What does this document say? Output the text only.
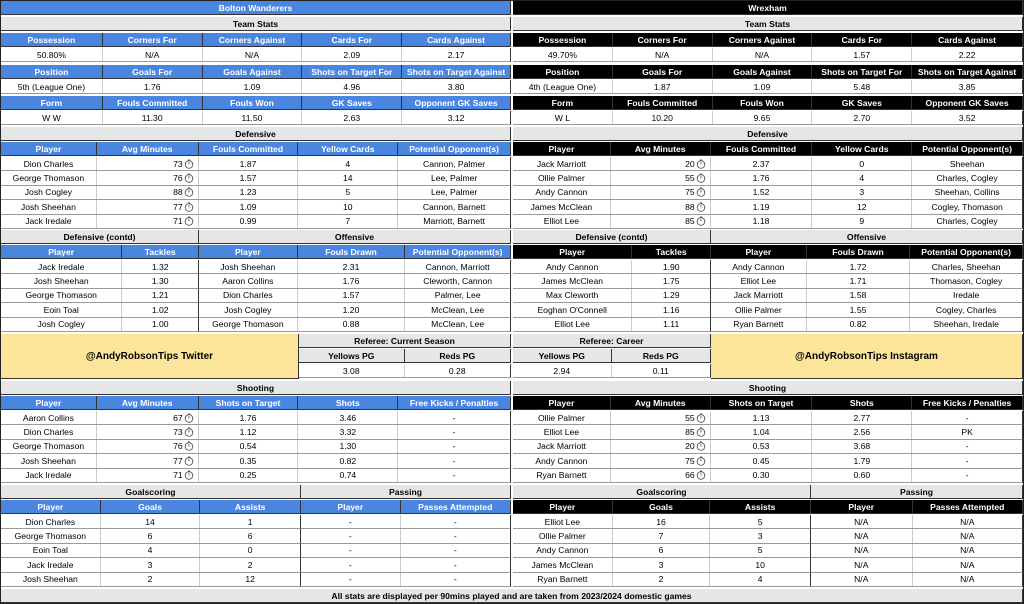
Bolton Wanderers	Wrexham
Team Stats	Team Stats
Possession	Corners For	Corners Against	Cards For	Cards Against
50.80%	N/A	N/A	2.09	2.17
Position	Goals For	Goals Against	Shots on Target For	Shots on Target Against
5th (League One)	1.76	1.09	4.96	3.80
Form	Fouls Committed	Fouls Won	GK Saves	Opponent GK Saves
W W	11.30	11.50	2.63	3.12
Possession	Corners For	Corners Against	Cards For	Cards Against
49.70%	N/A	N/A	1.57	2.22
Position	Goals For	Goals Against	Shots on Target For	Shots on Target Against
4th (League One)	1.87	1.09	5.48	3.85
Form	Fouls Committed	Fouls Won	GK Saves	Opponent GK Saves
W L	10.20	9.65	2.70	3.52
Defensive	Defensive
Player	Avg Minutes	Fouls Committed	Yellow Cards	Potential Opponent(s)	Player	Avg Minutes	Fouls Committed	Yellow Cards	Potential Opponent(s)
Dion Charles	73	1.87	4	Cannon, Palmer	Jack Marriott	20	2.37	0	Sheehan
George Thomason	76	1.57	14	Lee, Palmer	Ollie Palmer	55	1.76	4	Charles, Cogley
Josh Cogley	88	1.23	5	Lee, Palmer	Andy Cannon	75	1.52	3	Sheehan, Collins
Josh Sheehan	77	1.09	10	Cannon, Barnett	James McClean	88	1.19	12	Cogley, Thomason
Jack Iredale	71	0.99	7	Marriott, Barnett	Elliot Lee	85	1.18	9	Charles, Cogley
Defensive (contd)	Offensive	Defensive (contd)	Offensive
Player	Tackles	Player	Fouls Drawn	Potential Opponent(s)	Player	Tackles	Player	Fouls Drawn	Potential Opponent(s)
Jack Iredale	1.32	Josh Sheehan	2.31	Cannon, Marriott	Andy Cannon	1.90	Andy Cannon	1.72	Charles, Sheehan
Josh Sheehan	1.30	Aaron Collins	1.76	Cleworth, Cannon	James McClean	1.75	Elliot Lee	1.71	Thomason, Cogley
George Thomason	1.21	Dion Charles	1.57	Palmer, Lee	Max Cleworth	1.29	Jack Marriott	1.58	Iredale
Eoin Toal	1.02	Josh Cogley	1.20	McClean, Lee	Eoghan O'Connell	1.16	Ollie Palmer	1.55	Cogley, Charles
Josh Cogley	1.00	George Thomason	0.88	McClean, Lee	Elliot Lee	1.11	Ryan Barnett	0.82	Sheehan, Iredale
@AndyRobsonTips Twitter
Referee: Current Season
Yellows PG	Reds PG
3.08	0.28
Referee: Career
Yellows PG	Reds PG
2.94	0.11
@AndyRobsonTips Instagram
Shooting	Shooting
Player	Avg Minutes	Shots on Target	Shots	Free Kicks / Penalties	Player	Avg Minutes	Shots on Target	Shots	Free Kicks / Penalties
Aaron Collins	67	1.76	3.46	-	Ollie Palmer	55	1.13	2.77	-
Dion Charles	73	1.12	3.32	-	Elliot Lee	85	1.04	2.56	PK
George Thomason	76	0.54	1.30	-	Jack Marriott	20	0.53	3.68	-
Josh Sheehan	77	0.35	0.82	-	Andy Cannon	75	0.45	1.79	-
Jack Iredale	71	0.25	0.74	-	Ryan Barnett	66	0.30	0.60	-
Goalscoring	Passing	Goalscoring	Passing
Player	Goals	Assists	Player	Passes Attempted	Player	Goals	Assists	Player	Passes Attempted
Dion Charles	14	1	-	-	Elliot Lee	16	5	N/A	N/A
George Thomason	6	6	-	-	Ollie Palmer	7	3	N/A	N/A
Eoin Toal	4	0	-	-	Andy Cannon	6	5	N/A	N/A
Jack Iredale	3	2	-	-	James McClean	3	10	N/A	N/A
Josh Sheehan	2	12	-	-	Ryan Barnett	2	4	N/A	N/A
All stats are displayed per 90mins played and are taken from 2023/2024 domestic games
